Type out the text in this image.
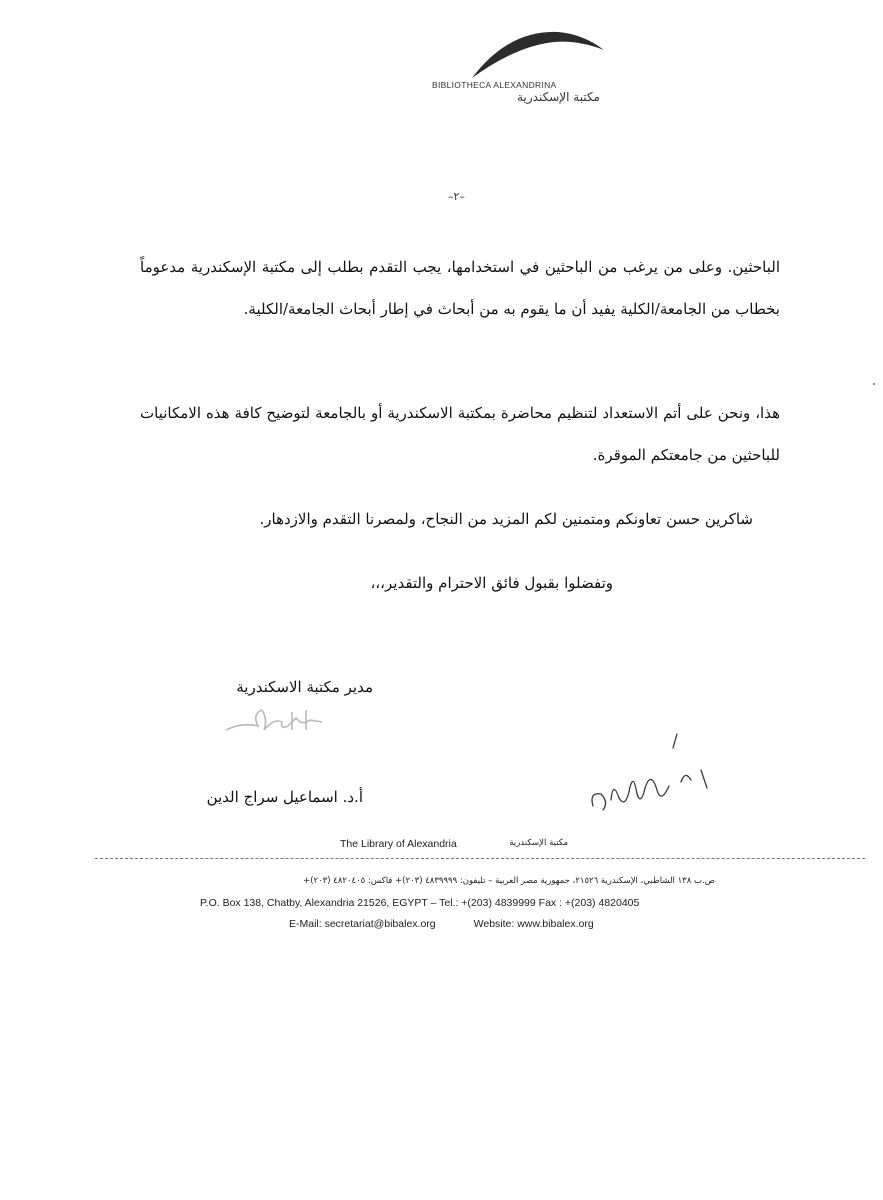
BIBLIOTHECA ALEXANDRINA
مكتبة الإسكندرية
–٢–
الباحثين. وعلى من يرغب من الباحثين في استخدامها، يجب التقدم بطلب إلى مكتبة الإسكندرية مدعوماً بخطاب من الجامعة/الكلية يفيد أن ما يقوم به من أبحاث في إطار أبحاث الجامعة/الكلية.
هذا، ونحن على أتم الاستعداد لتنظيم محاضرة بمكتبة الاسكندرية أو بالجامعة لتوضيح كافة هذه الامكانيات للباحثين من جامعتكم الموقرة.
شاكرين حسن تعاونكم ومتمنين لكم المزيد من النجاح، ولمصرنا التقدم والازدهار.
وتفضلوا بقبول فائق الاحترام والتقدير،،،
مدير مكتبة الاسكندرية
أ.د. اسماعيل سراج الدين
The Library of Alexandria	مكتبة الإسكندرية
ص.ب ١٣٨ الشاطبي، الإسكندرية ٢١٥٢٦، جمهورية مصر العربية – تليفون: ٤٨٣٩٩٩٩ (٢٠٣)+ فاكس: ٤٨٢٠٤٠٥ (٢٠٣)+
P.O. Box 138, Chatby, Alexandria 21526, EGYPT – Tel.: +(203) 4839999 Fax : +(203) 4820405
E-Mail: secretariat@bibalex.org	Website: www.bibalex.org
